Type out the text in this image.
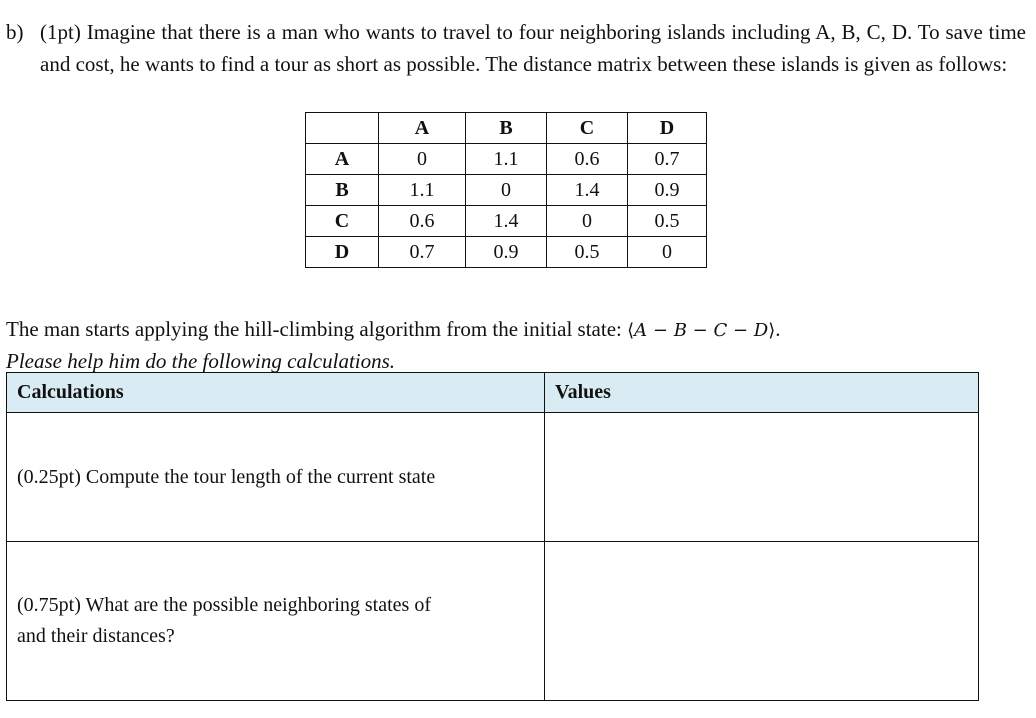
b) (1pt) Imagine that there is a man who wants to travel to four neighboring islands including A, B, C, D. To save time and cost, he wants to find a tour as short as possible. The distance matrix between these islands is given as follows:
	A	B	C	D
A	0	1.1	0.6	0.7
B	1.1	0	1.4	0.9
C	0.6	1.4	0	0.5
D	0.7	0.9	0.5	0
The man starts applying the hill-climbing algorithm from the initial state: ⟨A − B − C − D⟩.
Please help him do the following calculations.
Calculations	Values

(0.25pt) Compute the tour length of the current state	

(0.75pt) What are the possible neighboring states of
and their distances?	
